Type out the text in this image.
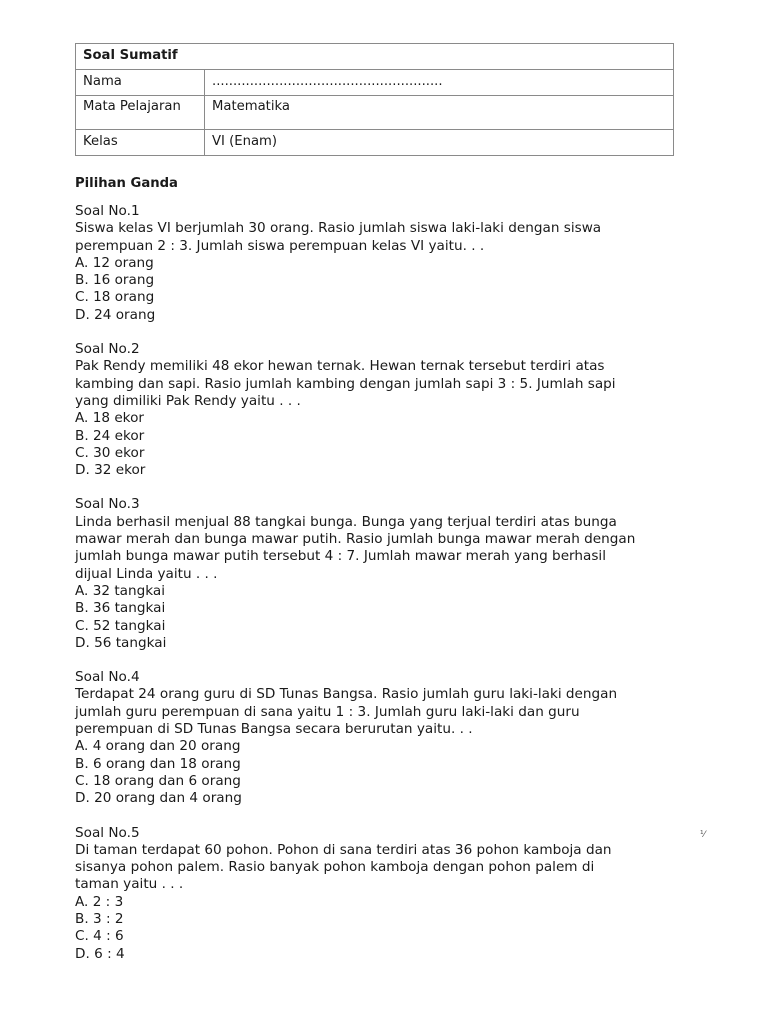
Soal Sumatif	
Nama	.......................................................
Mata Pelajaran	Matematika
Kelas	VI (Enam)
Pilihan Ganda
Soal No.1
Siswa kelas VI berjumlah 30 orang. Rasio jumlah siswa laki-laki dengan siswa
perempuan 2 : 3. Jumlah siswa perempuan kelas VI yaitu. . .
A. 12 orang
B. 16 orang
C. 18 orang
D. 24 orang
Soal No.2
Pak Rendy memiliki 48 ekor hewan ternak. Hewan ternak tersebut terdiri atas
kambing dan sapi. Rasio jumlah kambing dengan jumlah sapi 3 : 5. Jumlah sapi
yang dimiliki Pak Rendy yaitu . . .
A. 18 ekor
B. 24 ekor
C. 30 ekor
D. 32 ekor
Soal No.3
Linda berhasil menjual 88 tangkai bunga. Bunga yang terjual terdiri atas bunga
mawar merah dan bunga mawar putih. Rasio jumlah bunga mawar merah dengan
jumlah bunga mawar putih tersebut 4 : 7. Jumlah mawar merah yang berhasil
dijual Linda yaitu . . .
A. 32 tangkai
B. 36 tangkai
C. 52 tangkai
D. 56 tangkai
Soal No.4
Terdapat 24 orang guru di SD Tunas Bangsa. Rasio jumlah guru laki-laki dengan
jumlah guru perempuan di sana yaitu 1 : 3. Jumlah guru laki-laki dan guru
perempuan di SD Tunas Bangsa secara berurutan yaitu. . .
A. 4 orang dan 20 orang
B. 6 orang dan 18 orang
C. 18 orang dan 6 orang
D. 20 orang dan 4 orang
Soal No.5
Di taman terdapat 60 pohon. Pohon di sana terdiri atas 36 pohon kamboja dan
sisanya pohon palem. Rasio banyak pohon kamboja dengan pohon palem di
taman yaitu . . .
A. 2 : 3
B. 3 : 2
C. 4 : 6
D. 6 : 4
¹⁄
